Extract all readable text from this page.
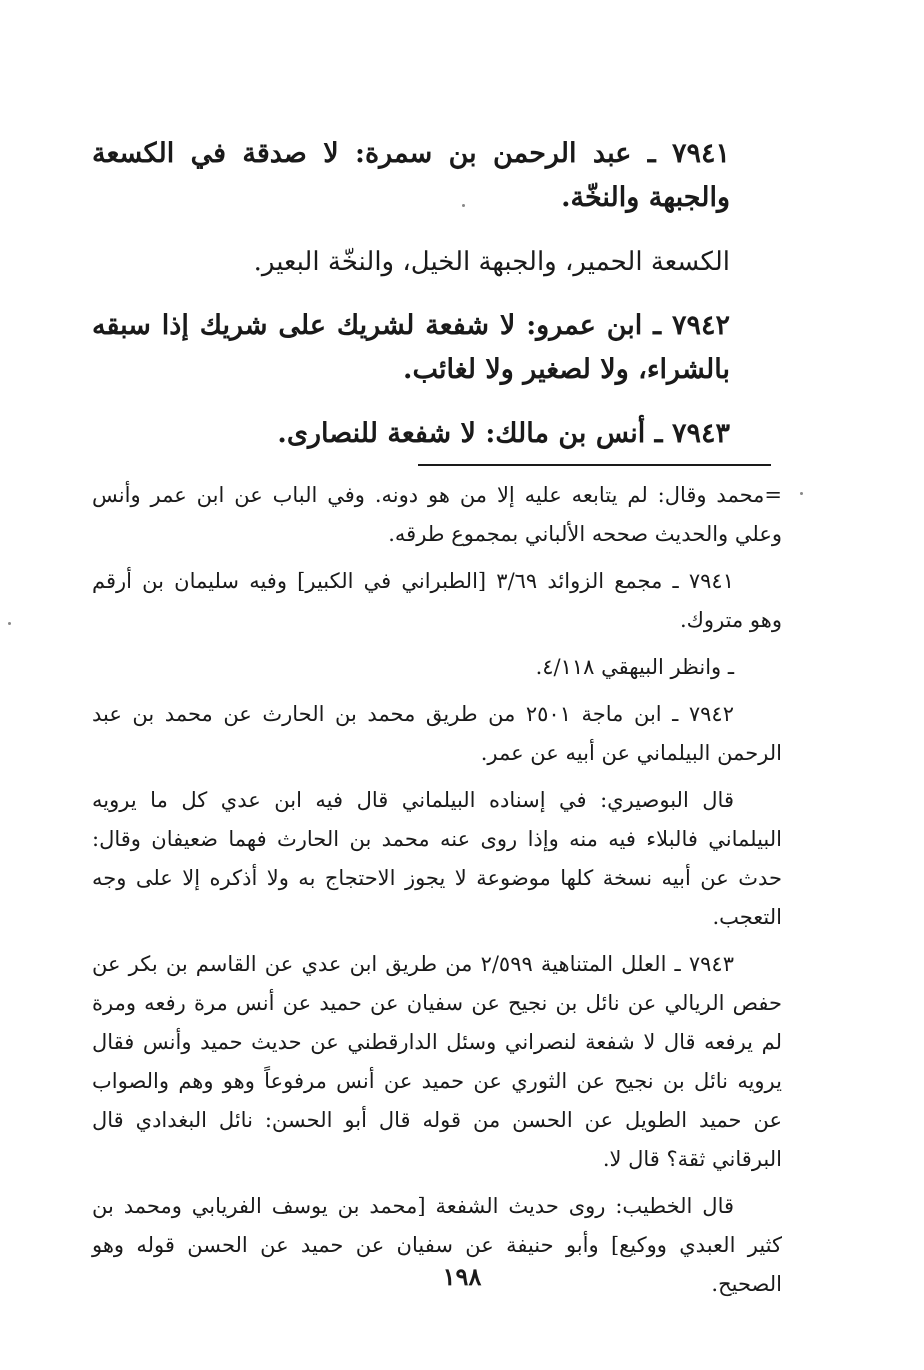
٧٩٤١ ـ عبد الرحمن بن سمرة: لا صدقة في الكسعة والجبهة والنخّة.

الكسعة الحمير، والجبهة الخيل، والنخّة البعير.

٧٩٤٢ ـ ابن عمرو: لا شفعة لشريك على شريك إذا سبقه بالشراء، ولا لصغير ولا لغائب.

٧٩٤٣ ـ أنس بن مالك: لا شفعة للنصارى.

=محمد وقال: لم يتابعه عليه إلا من هو دونه. وفي الباب عن ابن عمر وأنس وعلي والحديث صححه الألباني بمجموع طرقه.

٧٩٤١ ـ مجمع الزوائد ٣/٦٩ [الطبراني في الكبير] وفيه سليمان بن أرقم وهو متروك.

ـ وانظر البيهقي ٤/١١٨.

٧٩٤٢ ـ ابن ماجة ٢٥٠١ من طريق محمد بن الحارث عن محمد بن عبد الرحمن البيلماني عن أبيه عن عمر.

قال البوصيري: في إسناده البيلماني قال فيه ابن عدي كل ما يرويه البيلماني فالبلاء فيه منه وإذا روى عنه محمد بن الحارث فهما ضعيفان وقال: حدث عن أبيه نسخة كلها موضوعة لا يجوز الاحتجاج به ولا أذكره إلا على وجه التعجب.

٧٩٤٣ ـ العلل المتناهية ٢/٥٩٩ من طريق ابن عدي عن القاسم بن بكر عن حفص الريالي عن نائل بن نجيح عن سفيان عن حميد عن أنس مرة رفعه ومرة لم يرفعه قال لا شفعة لنصراني وسئل الدارقطني عن حديث حميد وأنس فقال يرويه نائل بن نجيح عن الثوري عن حميد عن أنس مرفوعاً وهو وهم والصواب عن حميد الطويل عن الحسن من قوله قال أبو الحسن: نائل البغدادي قال البرقاني ثقة؟ قال لا.

قال الخطيب: روى حديث الشفعة [محمد بن يوسف الفريابي ومحمد بن كثير العبدي ووكيع] وأبو حنيفة عن سفيان عن حميد عن الحسن قوله وهو الصحيح.

١٩٨
